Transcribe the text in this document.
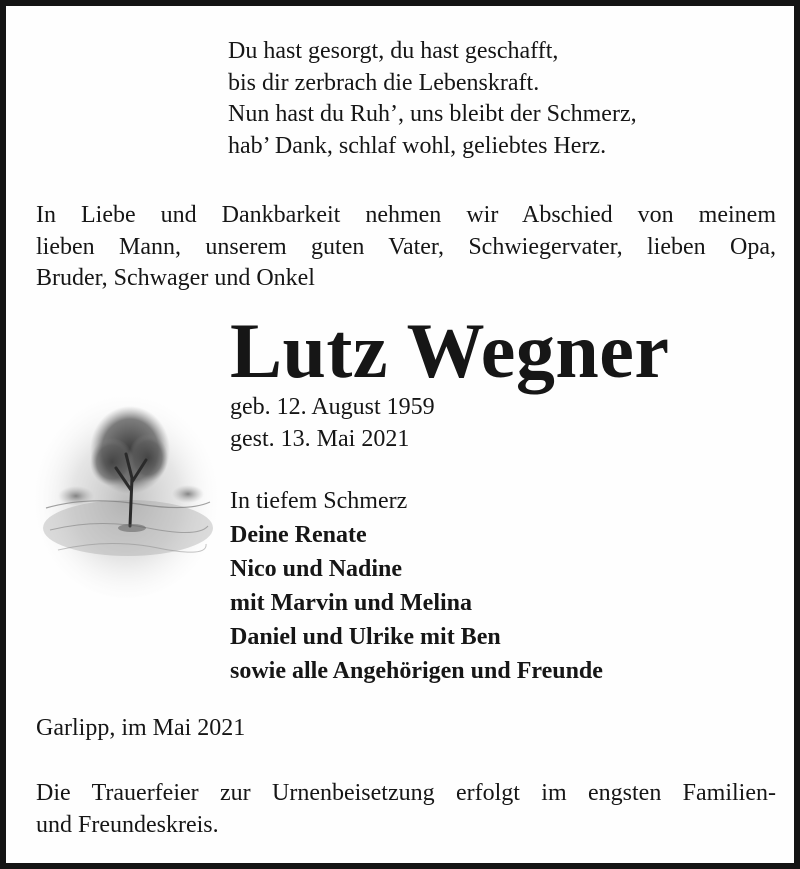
Du hast gesorgt, du hast geschafft,
bis dir zerbrach die Lebenskraft.
Nun hast du Ruh’, uns bleibt der Schmerz,
hab’ Dank, schlaf wohl, geliebtes Herz.
In Liebe und Dankbarkeit nehmen wir Abschied von meinem
lieben Mann, unserem guten Vater, Schwiegervater, lieben Opa,
Bruder, Schwager und Onkel
Lutz Wegner
geb. 12. August 1959
gest. 13. Mai 2021
In tiefem Schmerz
Deine Renate
Nico und Nadine
mit Marvin und Melina
Daniel und Ulrike mit Ben
sowie alle Angehörigen und Freunde
Garlipp, im Mai 2021
Die Trauerfeier zur Urnenbeisetzung erfolgt im engsten Familien-
und Freundeskreis.
